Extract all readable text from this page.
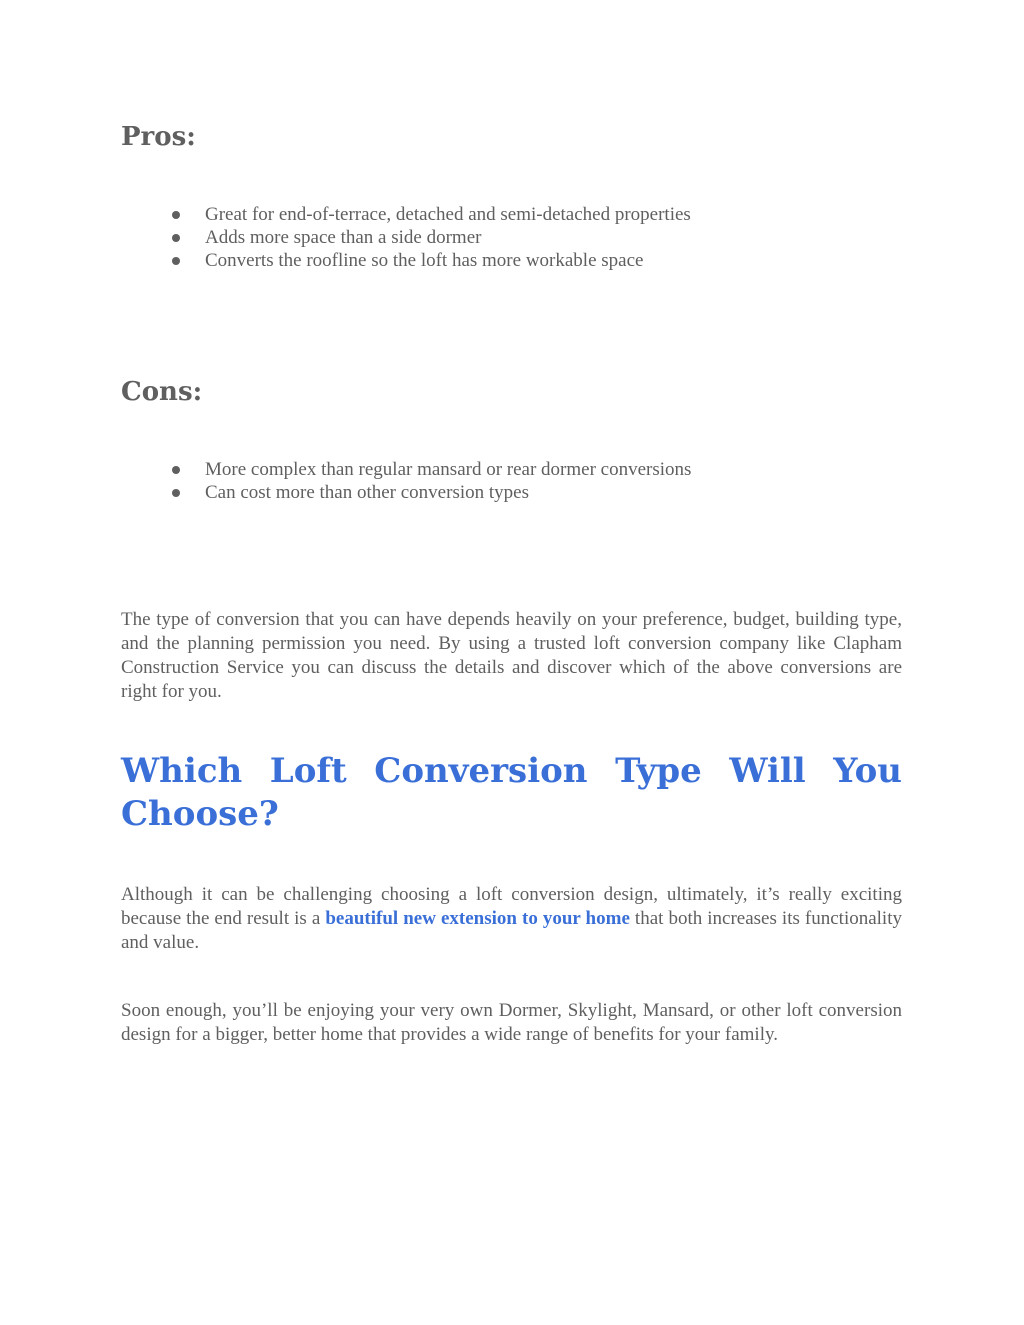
Pros:
Great for end-of-terrace, detached and semi-detached properties
Adds more space than a side dormer
Converts the roofline so the loft has more workable space
Cons:
More complex than regular mansard or rear dormer conversions
Can cost more than other conversion types

The type of conversion that you can have depends heavily on your preference, budget, building type, and the planning permission you need. By using a trusted loft conversion company like Clapham Construction Service you can discuss the details and discover which of the above conversions are right for you.

Which Loft Conversion Type Will You Choose?

Although it can be challenging choosing a loft conversion design, ultimately, it’s really exciting because the end result is a beautiful new extension to your home that both increases its functionality and value.

Soon enough, you’ll be enjoying your very own Dormer, Skylight, Mansard, or other loft conversion design for a bigger, better home that provides a wide range of benefits for your family.
